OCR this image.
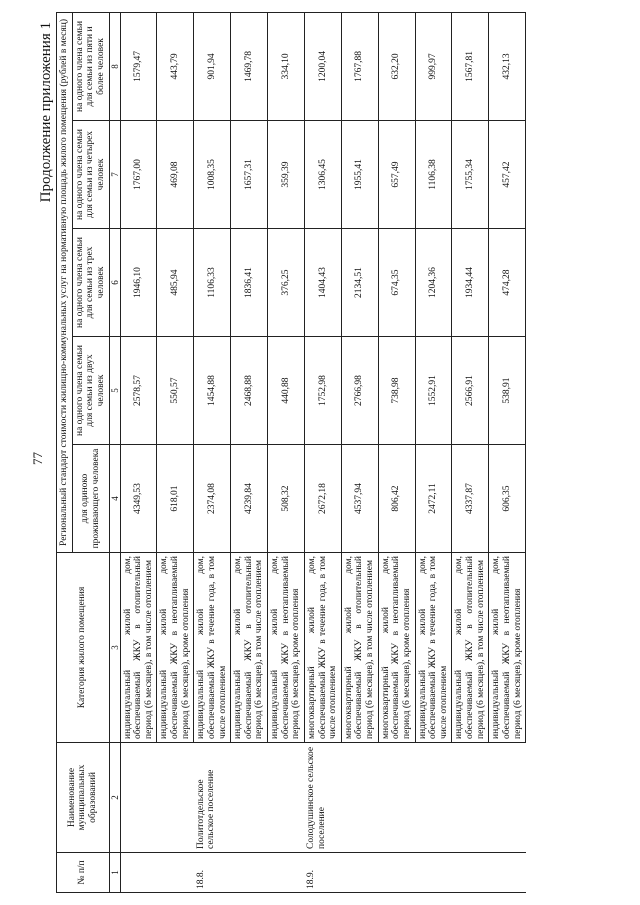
77
Продолжение приложения 1
№ п/п	Наименование муниципальных образований	Категория жилого помещения	Региональный стандарт стоимости жилищно-коммунальных услуг на нормативную площадь жилого помещения (рублей в месяц)				
			для одиноко проживающего человека	на одного члена семьи для семьи из двух человек	на одного члена семьи для семьи из трех человек	на одного члена семьи для семьи из четырех человек	на одного члена семьи для семьи из пяти и более человек
1	2	3	4	5	6	7	8
		индивидуальный жилой дом, обеспечиваемый ЖКУ в отопительный период (6 месяцев), в том числе отоплением	4349,53	2578,57	1946,10	1767,00	1579,47
		индивидуальный жилой дом, обеспечиваемый ЖКУ в неотапливаемый период (6 месяцев), кроме отопления	618,01	550,57	485,94	469,08	443,79
18.8.	Политотдельское сельское поселение	индивидуальный жилой дом, обеспечиваемый ЖКУ в течение года, в том числе отоплением	2374,08	1454,88	1106,33	1008,35	901,94
		индивидуальный жилой дом, обеспечиваемый ЖКУ в отопительный период (6 месяцев), в том числе отоплением	4239,84	2468,88	1836,41	1657,31	1469,78
		индивидуальный жилой дом, обеспечиваемый ЖКУ в неотапливаемый период (6 месяцев), кроме отопления	508,32	440,88	376,25	359,39	334,10
18.9.	Солодушинское сельское поселение	многоквартирный жилой дом, обеспечиваемый ЖКУ в течение года, в том числе отоплением	2672,18	1752,98	1404,43	1306,45	1200,04
		многоквартирный жилой дом, обеспечиваемый ЖКУ в отопительный период (6 месяцев), в том числе отоплением	4537,94	2766,98	2134,51	1955,41	1767,88
		многоквартирный жилой дом, обеспечиваемый ЖКУ в неотапливаемый период (6 месяцев), кроме отопления	806,42	738,98	674,35	657,49	632,20
		индивидуальный жилой дом, обеспечиваемый ЖКУ в течение года, в том числе отоплением	2472,11	1552,91	1204,36	1106,38	999,97
		индивидуальный жилой дом, обеспечиваемый ЖКУ в отопительный период (6 месяцев), в том числе отоплением	4337,87	2566,91	1934,44	1755,34	1567,81
		индивидуальный жилой дом, обеспечиваемый ЖКУ в неотапливаемый период (6 месяцев), кроме отопления	606,35	538,91	474,28	457,42	432,13
